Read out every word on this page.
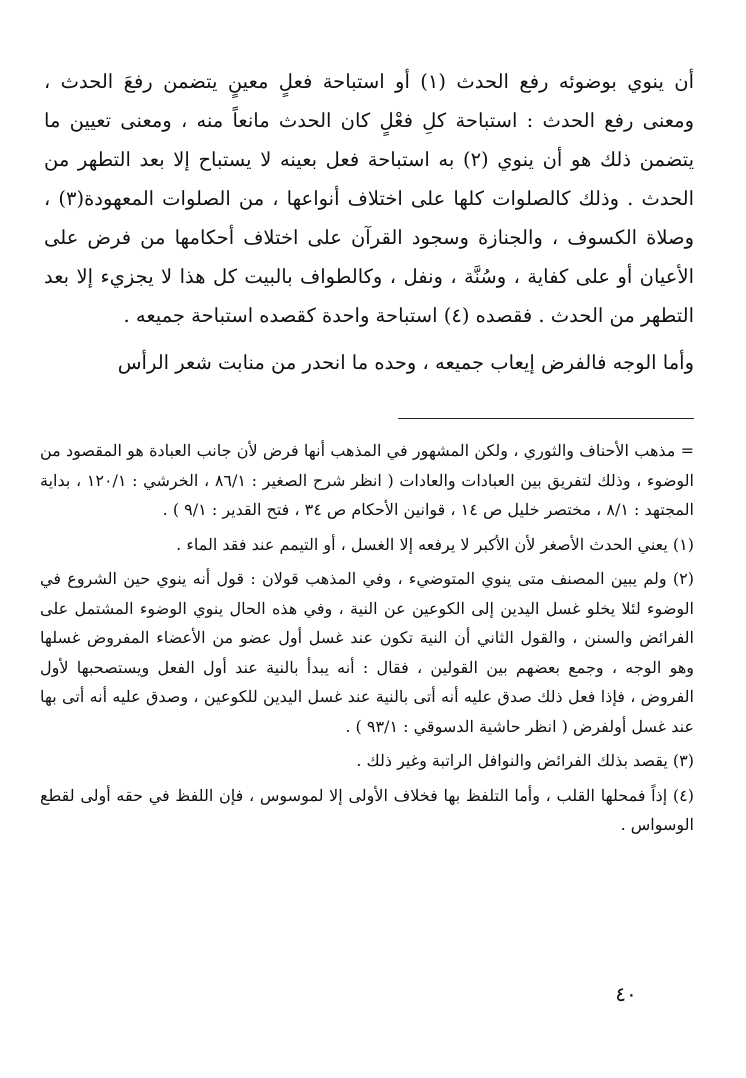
أن ينوي بوضوئه رفع الحدث (١) أو استباحة فعلٍ معينٍ يتضمن رفعَ الحدث ، ومعنى رفع الحدث : استباحة كلِ فعْلٍ كان الحدث مانعاً منه ، ومعنى تعيين ما يتضمن ذلك هو أن ينوي (٢) به استباحة فعل بعينه لا يستباح إلا بعد التطهر من الحدث . وذلك كالصلوات كلها على اختلاف أنواعها ، من الصلوات المعهودة(٣) ، وصلاة الكسوف ، والجنازة وسجود القرآن على اختلاف أحكامها من فرض على الأعيان أو على كفاية ، وسُنَّة ، ونفل ، وكالطواف بالبيت كل هذا لا يجزيء إلا بعد التطهر من الحدث . فقصده (٤) استباحة واحدة كقصده استباحة جميعه .

وأما الوجه فالفرض إيعاب جميعه ، وحده ما انحدر من منابت شعر الرأس

= مذهب الأحناف والثوري ، ولكن المشهور في المذهب أنها فرض لأن جانب العبادة هو المقصود من الوضوء ، وذلك لتفريق بين العبادات والعادات ( انظر شرح الصغير : ٨٦/١ ، الخرشي : ١٢٠/١ ، بداية المجتهد : ٨/١ ، مختصر خليل ص ١٤ ، قوانين الأحكام ص ٣٤ ، فتح القدير : ٩/١ ) .

(١) يعني الحدث الأصغر لأن الأكبر لا يرفعه إلا الغسل ، أو التيمم عند فقد الماء .

(٢) ولم يبين المصنف متى ينوي المتوضيء ، وفي المذهب قولان : قول أنه ينوي حين الشروع في الوضوء لئلا يخلو غسل اليدين إلى الكوعين عن النية ، وفي هذه الحال ينوي الوضوء المشتمل على الفرائض والسنن ، والقول الثاني أن النية تكون عند غسل أول عضو من الأعضاء المفروض غسلها وهو الوجه ، وجمع بعضهم بين القولين ، فقال : أنه يبدأ بالنية عند أول الفعل ويستصحبها لأول الفروض ، فإذا فعل ذلك صدق عليه أنه أتى بالنية عند غسل اليدين للكوعين ، وصدق عليه أنه أتى بها عند غسل أولفرض ( انظر حاشية الدسوقي : ٩٣/١ ) .

(٣) يقصد بذلك الفرائض والنوافل الراتبة وغير ذلك .

(٤) إذاً فمحلها القلب ، وأما التلفظ بها فخلاف الأولى إلا لموسوس ، فإن اللفظ في حقه أولى لقطع الوسواس .

٤٠
